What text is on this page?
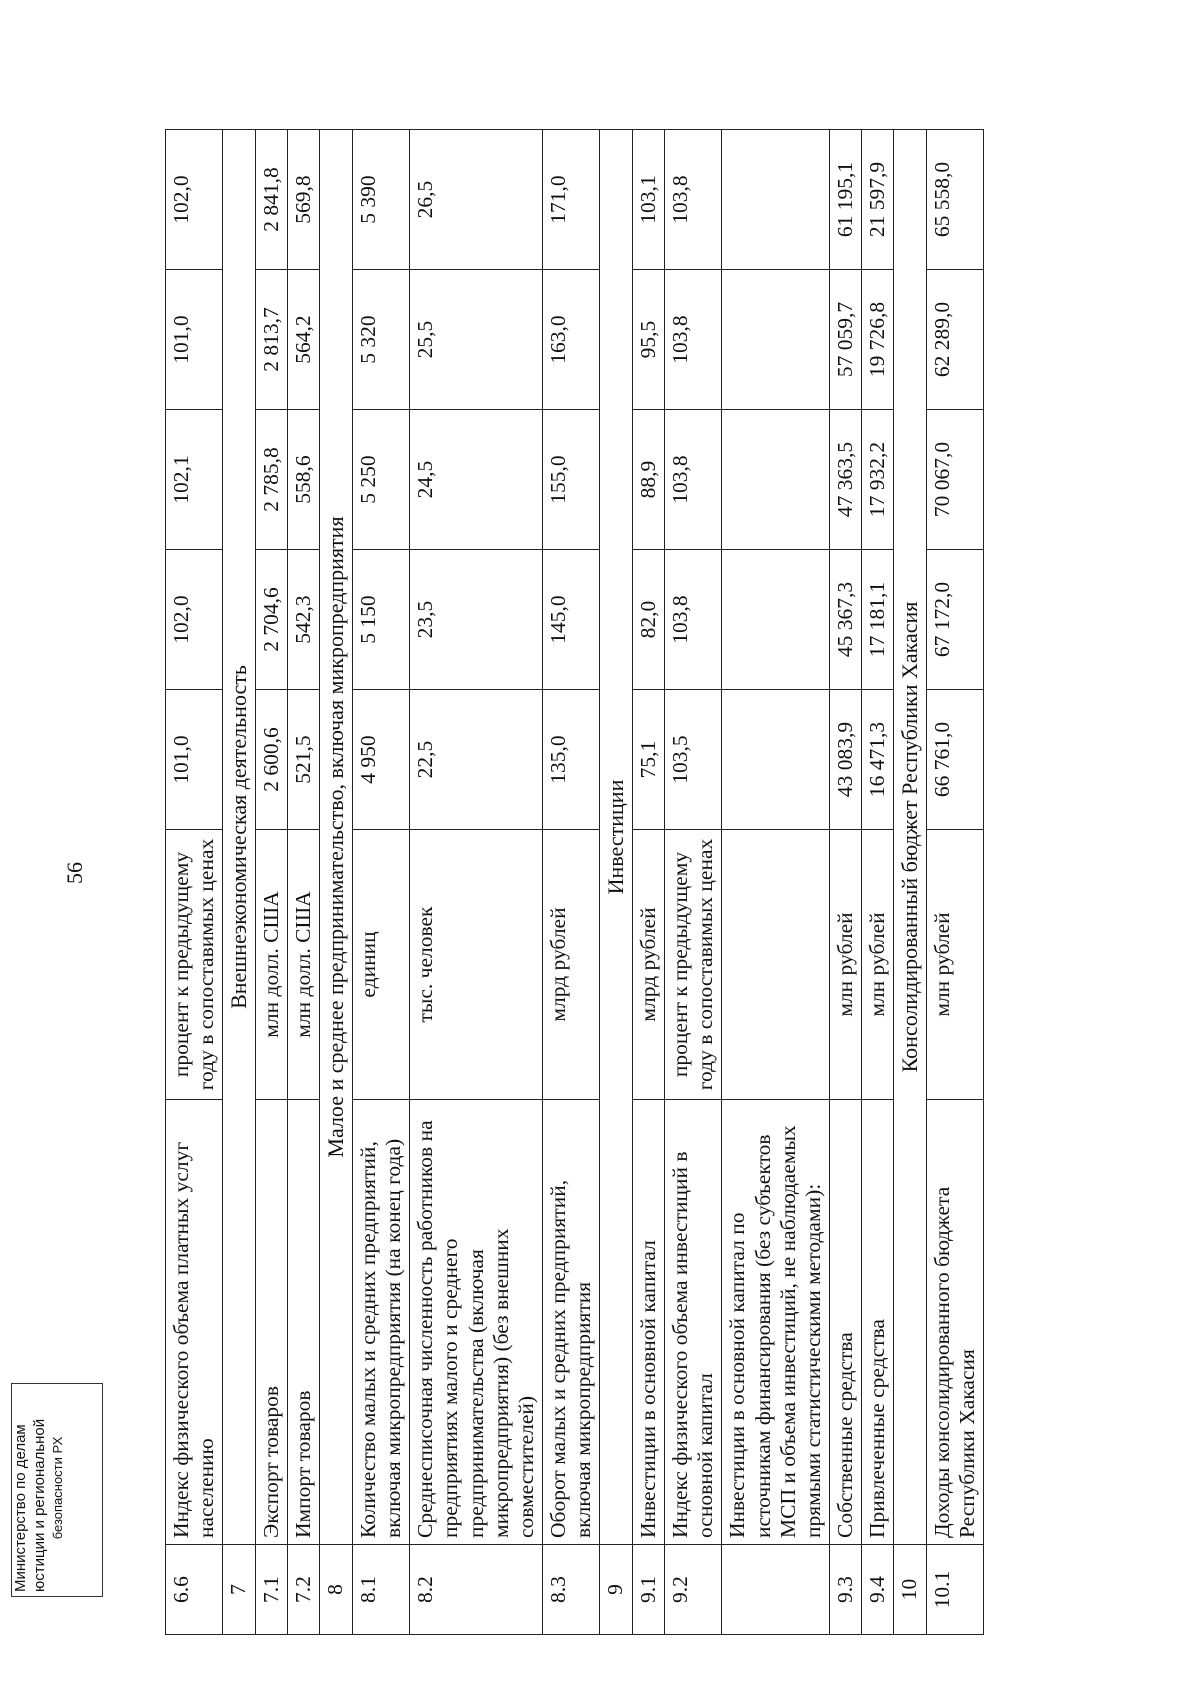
56
6.6	Индекс физического объема платных услуг населению	процент к предыдущему году в сопоставимых ценах	101,0	102,0	102,1	101,0	102,0
7	Внешнеэкономическая деятельность						
7.1	Экспорт товаров	млн долл. США	2 600,6	2 704,6	2 785,8	2 813,7	2 841,8
7.2	Импорт товаров	млн долл. США	521,5	542,3	558,6	564,2	569,8
8	Малое и среднее предпринимательство, включая микропредприятия						
8.1	Количество малых и средних предприятий, включая микропредприятия (на конец года)	единиц	4 950	5 150	5 250	5 320	5 390
8.2	Среднесписочная численность работников на предприятиях малого и среднего предпринимательства (включая микропредприятия) (без внешних совместителей)	тыс. человек	22,5	23,5	24,5	25,5	26,5
8.3	Оборот малых и средних предприятий, включая микропредприятия	млрд рублей	135,0	145,0	155,0	163,0	171,0
9	Инвестиции						
9.1	Инвестиции в основной капитал	млрд рублей	75,1	82,0	88,9	95,5	103,1
9.2	Индекс физического объема инвестиций в основной капитал	процент к предыдущему году в сопоставимых ценах	103,5	103,8	103,8	103,8	103,8
	Инвестиции в основной капитал по источникам финансирования (без субъектов МСП и объема инвестиций, не наблюдаемых прямыми статистическими методами):						
9.3	Собственные средства	млн рублей	43 083,9	45 367,3	47 363,5	57 059,7	61 195,1
9.4	Привлеченные средства	млн рублей	16 471,3	17 181,1	17 932,2	19 726,8	21 597,9
10	Консолидированный бюджет Республики Хакасия						
10.1	Доходы консолидированного бюджета Республики Хакасия	млн рублей	66 761,0	67 172,0	70 067,0	62 289,0	65 558,0
Министерство по делам юстиции и региональной безопасности РХ
